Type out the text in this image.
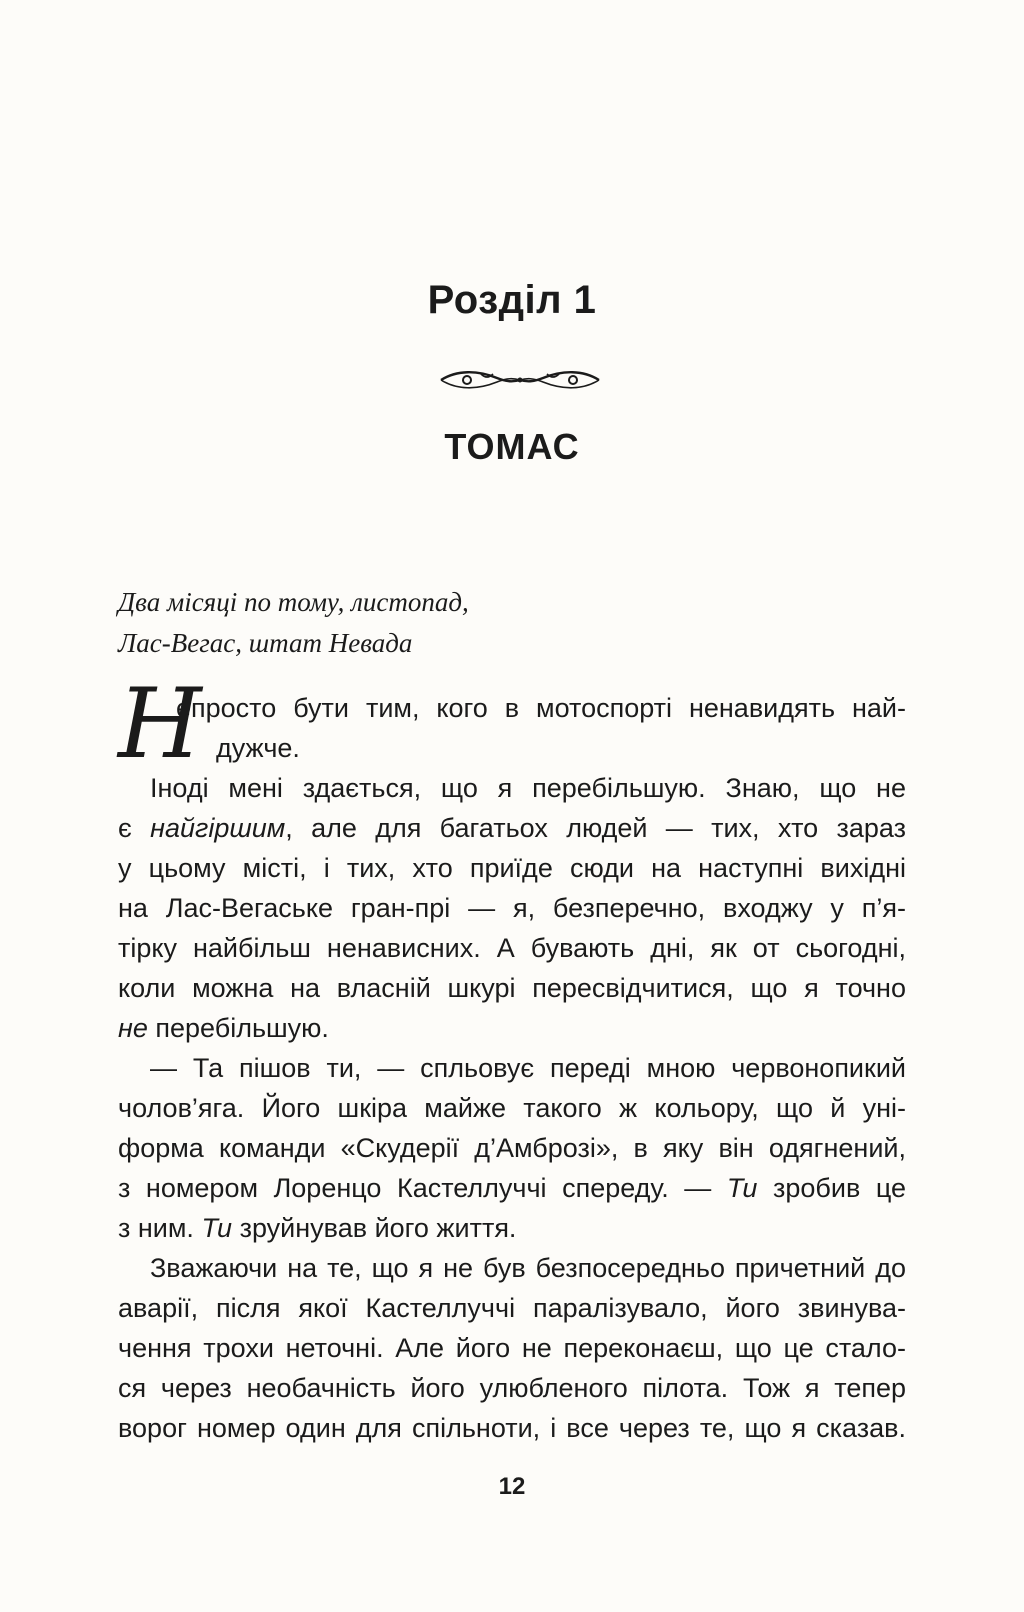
Розділ 1
ТОМАС
Два місяці по тому, листопад,
Лас-Вегас, штат Невада
Н
епросто бути тим, кого в мотоспорті ненавидять най-
дужче.
Іноді мені здається, що я перебільшую. Знаю, що не
є найгіршим, але для багатьох людей — тих, хто зараз
у цьому місті, і тих, хто приїде сюди на наступні вихідні
на Лас-Вегаське гран-прі — я, безперечно, входжу у п’я-
тірку найбільш ненависних. А бувають дні, як от сьогодні,
коли можна на власній шкурі пересвідчитися, що я точно
не перебільшую.
— Та пішов ти, — спльовує переді мною червонопикий
чолов’яга. Його шкіра майже такого ж кольору, що й уні-
форма команди «Скудерії д’Амброзі», в яку він одягнений,
з номером Лоренцо Кастеллуччі спереду. — Ти зробив це
з ним. Ти зруйнував його життя.
Зважаючи на те, що я не був безпосередньо причетний до
аварії, після якої Кастеллуччі паралізувало, його звинува-
чення трохи неточні. Але його не переконаєш, що це стало-
ся через необачність його улюбленого пілота. Тож я тепер
ворог номер один для спільноти, і все через те, що я сказав.
12
